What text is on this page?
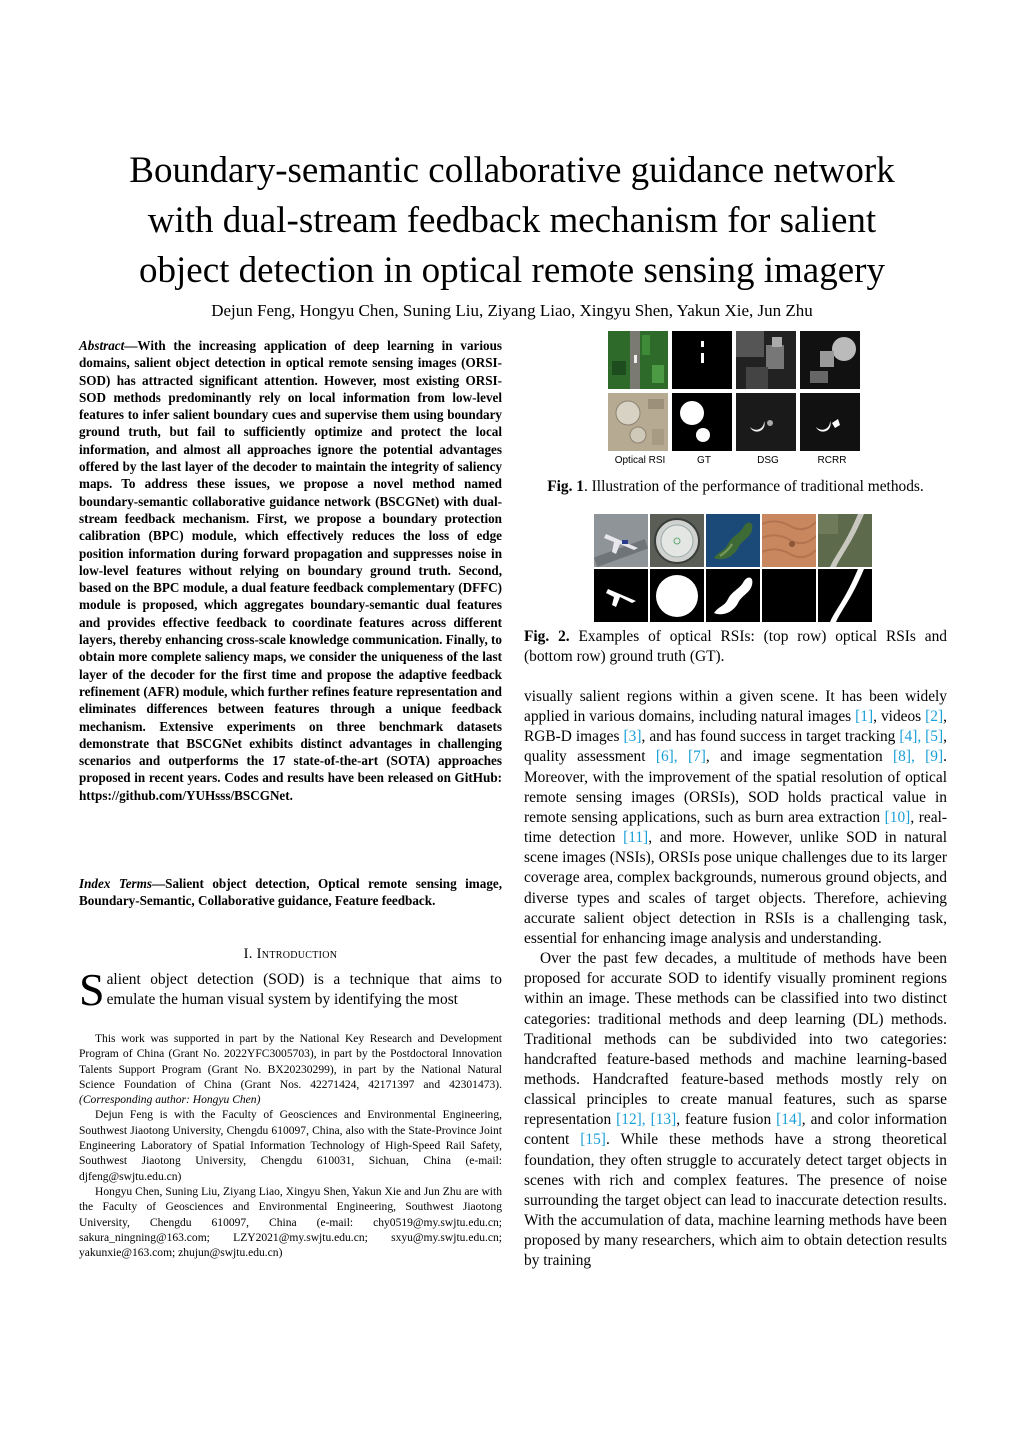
Boundary-semantic collaborative guidance network
with dual-stream feedback mechanism for salient
object detection in optical remote sensing imagery
Dejun Feng, Hongyu Chen, Suning Liu, Ziyang Liao, Xingyu Shen, Yakun Xie, Jun Zhu
Abstract—With the increasing application of deep learning in various domains, salient object detection in optical remote sensing images (ORSI-SOD) has attracted significant attention. However, most existing ORSI-SOD methods predominantly rely on local information from low-level features to infer salient boundary cues and supervise them using boundary ground truth, but fail to sufficiently optimize and protect the local information, and almost all approaches ignore the potential advantages offered by the last layer of the decoder to maintain the integrity of saliency maps. To address these issues, we propose a novel method named boundary-semantic collaborative guidance network (BSCGNet) with dual-stream feedback mechanism. First, we propose a boundary protection calibration (BPC) module, which effectively reduces the loss of edge position information during forward propagation and suppresses noise in low-level features without relying on boundary ground truth. Second, based on the BPC module, a dual feature feedback complementary (DFFC) module is proposed, which aggregates boundary-semantic dual features and provides effective feedback to coordinate features across different layers, thereby enhancing cross-scale knowledge communication. Finally, to obtain more complete saliency maps, we consider the uniqueness of the last layer of the decoder for the first time and propose the adaptive feedback refinement (AFR) module, which further refines feature representation and eliminates differences between features through a unique feedback mechanism. Extensive experiments on three benchmark datasets demonstrate that BSCGNet exhibits distinct advantages in challenging scenarios and outperforms the 17 state-of-the-art (SOTA) approaches proposed in recent years. Codes and results have been released on GitHub: https://github.com/YUHsss/BSCGNet.
Index Terms—Salient object detection, Optical remote sensing image, Boundary-Semantic, Collaborative guidance, Feature feedback.
I. Introduction
Salient object detection (SOD) is a technique that aims to emulate the human visual system by identifying the most

This work was supported in part by the National Key Research and Development Program of China (Grant No. 2022YFC3005703), in part by the Postdoctoral Innovation Talents Support Program (Grant No. BX20230299), in part by the National Natural Science Foundation of China (Grant Nos. 42271424, 42171397 and 42301473). (Corresponding author: Hongyu Chen)

Dejun Feng is with the Faculty of Geosciences and Environmental Engineering, Southwest Jiaotong University, Chengdu 610097, China, also with the State-Province Joint Engineering Laboratory of Spatial Information Technology of High-Speed Rail Safety, Southwest Jiaotong University, Chengdu 610031, Sichuan, China (e-mail: djfeng@swjtu.edu.cn)

Hongyu Chen, Suning Liu, Ziyang Liao, Xingyu Shen, Yakun Xie and Jun Zhu are with the Faculty of Geosciences and Environmental Engineering, Southwest Jiaotong University, Chengdu 610097, China (e-mail: chy0519@my.swjtu.edu.cn; sakura_ningning@163.com; LZY2021@my.swjtu.edu.cn; sxyu@my.swjtu.edu.cn; yakunxie@163.com; zhujun@swjtu.edu.cn)

Optical RSI	GT	DSG	RCRR
Fig. 1. Illustration of the performance of traditional methods.
Fig. 2. Examples of optical RSIs: (top row) optical RSIs and (bottom row) ground truth (GT).

visually salient regions within a given scene. It has been widely applied in various domains, including natural images [1], videos [2], RGB-D images [3], and has found success in target tracking [4], [5], quality assessment [6], [7], and image segmentation [8], [9]. Moreover, with the improvement of the spatial resolution of optical remote sensing images (ORSIs), SOD holds practical value in remote sensing applications, such as burn area extraction [10], real-time detection [11], and more. However, unlike SOD in natural scene images (NSIs), ORSIs pose unique challenges due to its larger coverage area, complex backgrounds, numerous ground objects, and diverse types and scales of target objects. Therefore, achieving accurate salient object detection in RSIs is a challenging task, essential for enhancing image analysis and understanding.

Over the past few decades, a multitude of methods have been proposed for accurate SOD to identify visually prominent regions within an image. These methods can be classified into two distinct categories: traditional methods and deep learning (DL) methods. Traditional methods can be subdivided into two categories: handcrafted feature-based methods and machine learning-based methods. Handcrafted feature-based methods mostly rely on classical principles to create manual features, such as sparse representation [12], [13], feature fusion [14], and color information content [15]. While these methods have a strong theoretical foundation, they often struggle to accurately detect target objects in scenes with rich and complex features. The presence of noise surrounding the target object can lead to inaccurate detection results. With the accumulation of data, machine learning methods have been proposed by many researchers, which aim to obtain detection results by training
